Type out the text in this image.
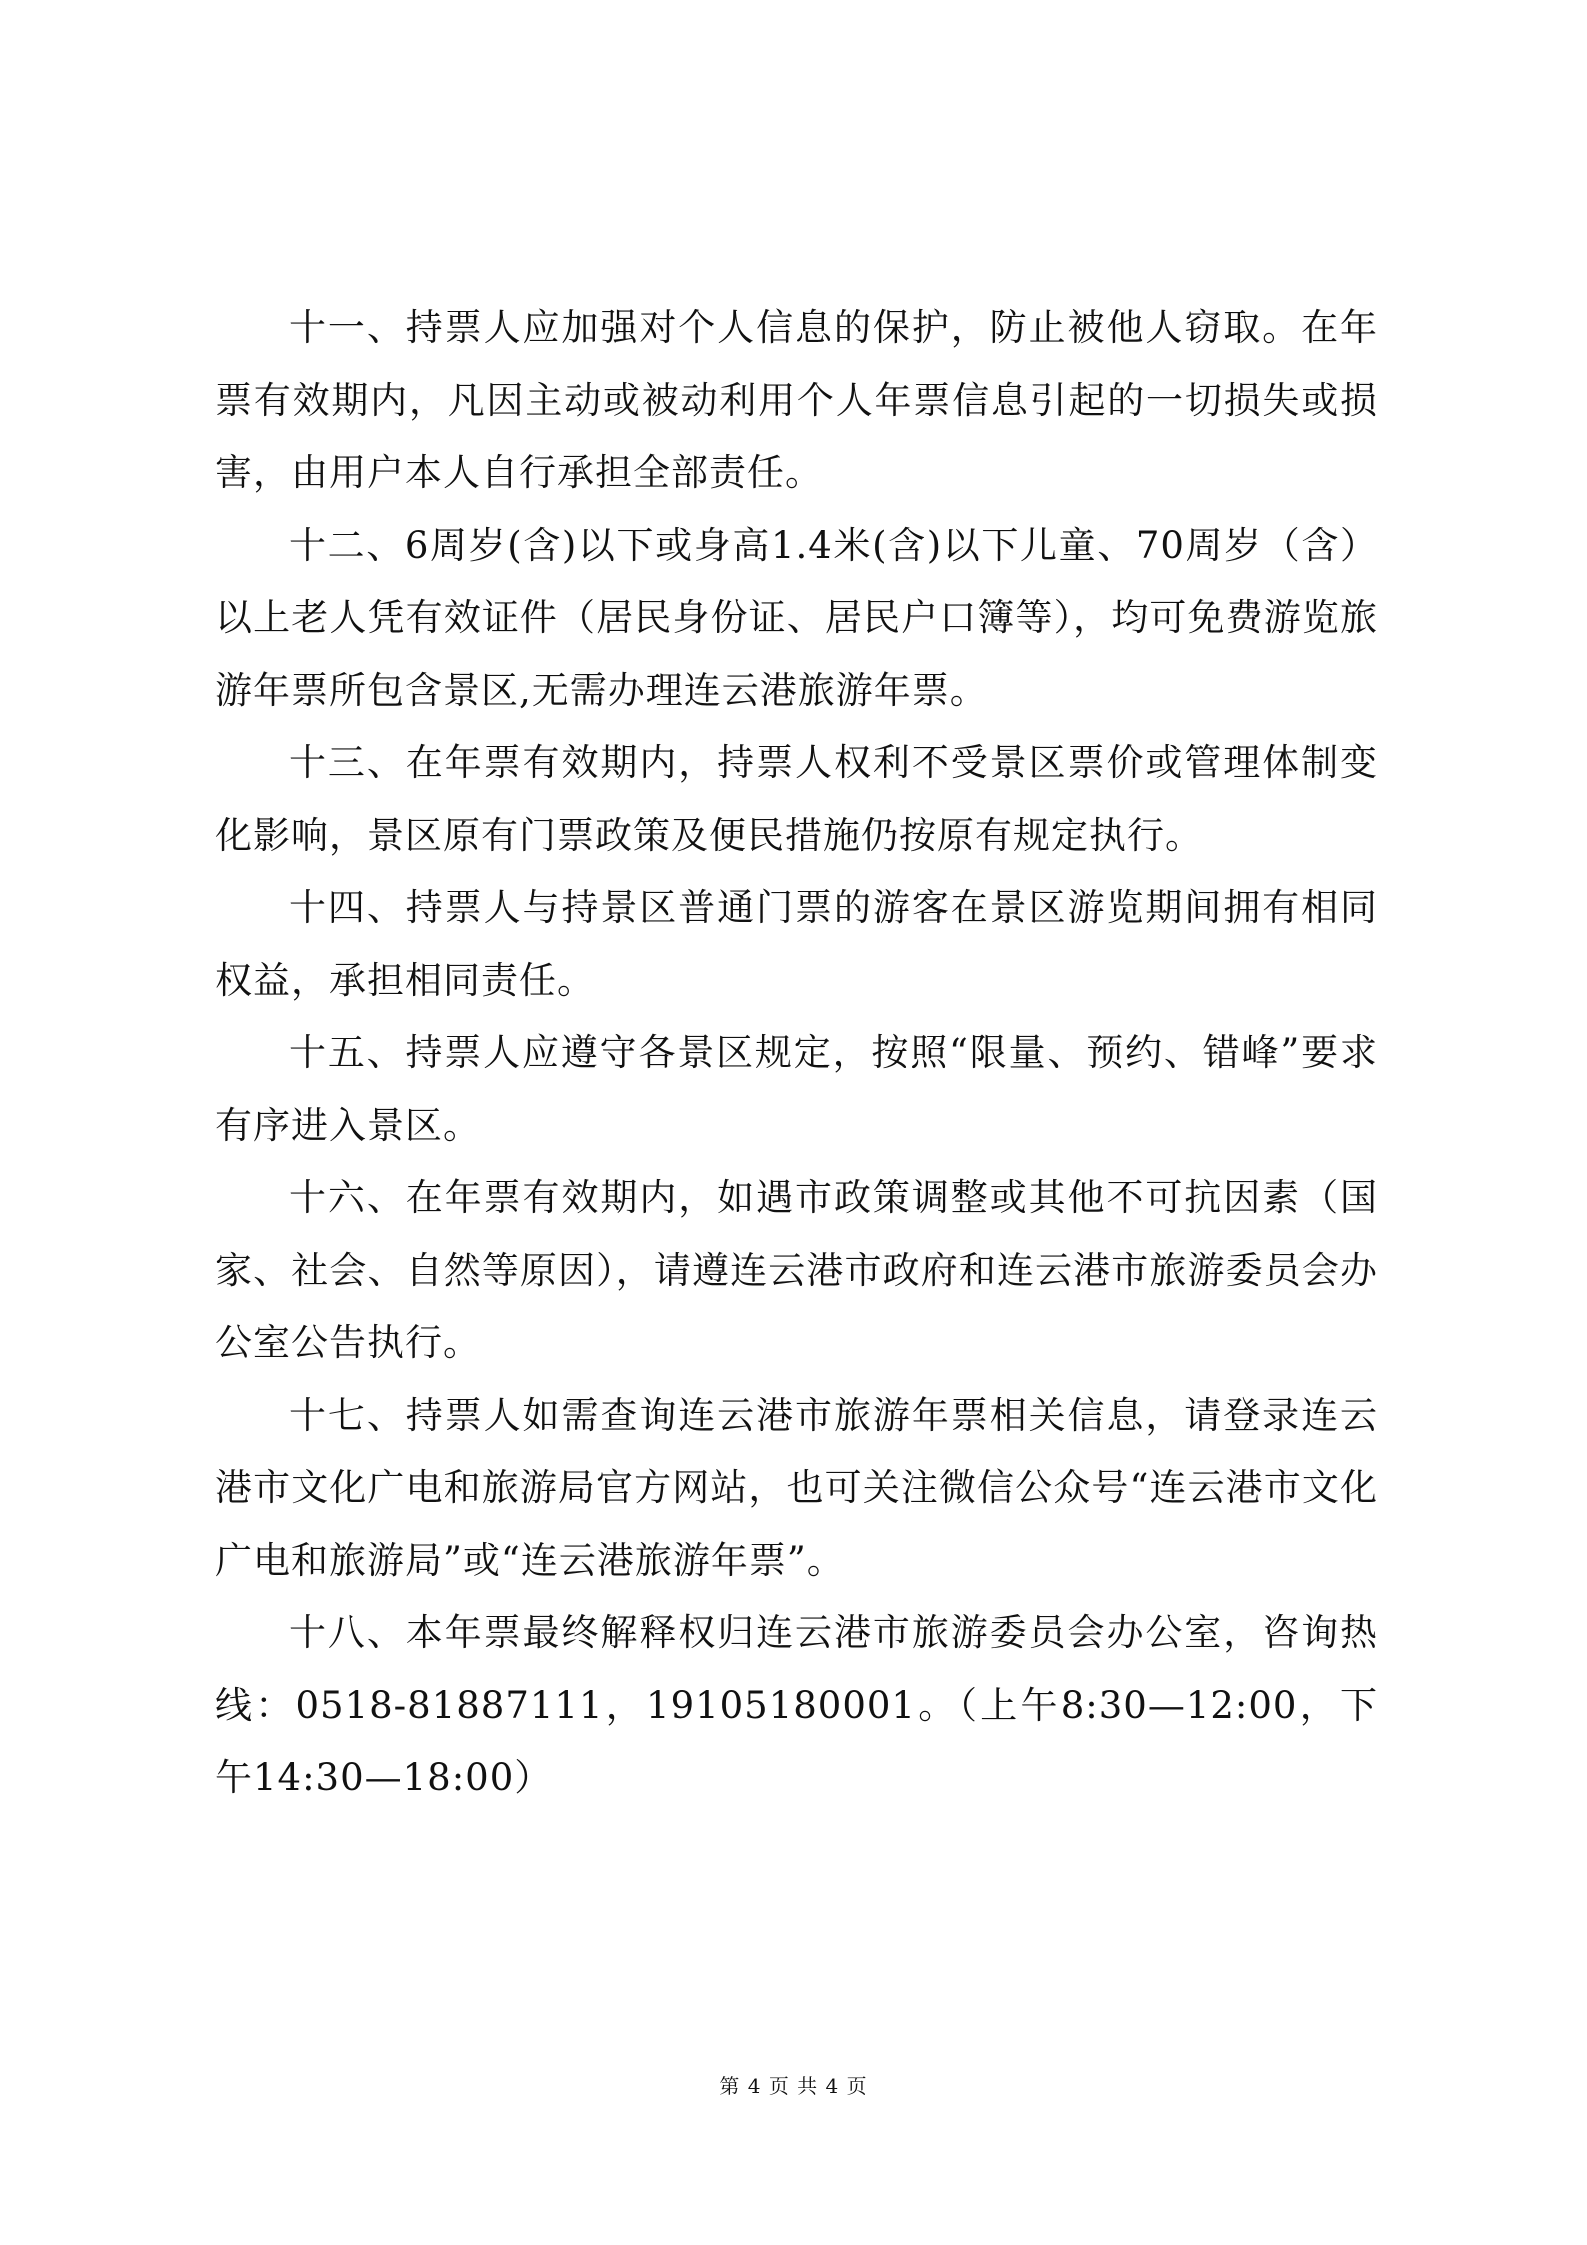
十一、持票人应加强对个人信息的保护，防止被他人窃取。在年票有效期内，凡因主动或被动利用个人年票信息引起的一切损失或损害，由用户本人自行承担全部责任。

十二、6周岁(含)以下或身高1.4米(含)以下儿童、70周岁（含）以上老人凭有效证件（居民身份证、居民户口簿等），均可免费游览旅游年票所包含景区,无需办理连云港旅游年票。

十三、在年票有效期内，持票人权利不受景区票价或管理体制变化影响，景区原有门票政策及便民措施仍按原有规定执行。

十四、持票人与持景区普通门票的游客在景区游览期间拥有相同权益，承担相同责任。

十五、持票人应遵守各景区规定，按照“限量、预约、错峰”要求有序进入景区。

十六、在年票有效期内，如遇市政策调整或其他不可抗因素（国家、社会、自然等原因），请遵连云港市政府和连云港市旅游委员会办公室公告执行。

十七、持票人如需查询连云港市旅游年票相关信息，请登录连云港市文化广电和旅游局官方网站，也可关注微信公众号“连云港市文化广电和旅游局”或“连云港旅游年票”。

十八、本年票最终解释权归连云港市旅游委员会办公室，咨询热线：0518-81887111，19105180001。（上午8:30—12:00，下午14:30—18:00）

第 4 页 共 4 页
